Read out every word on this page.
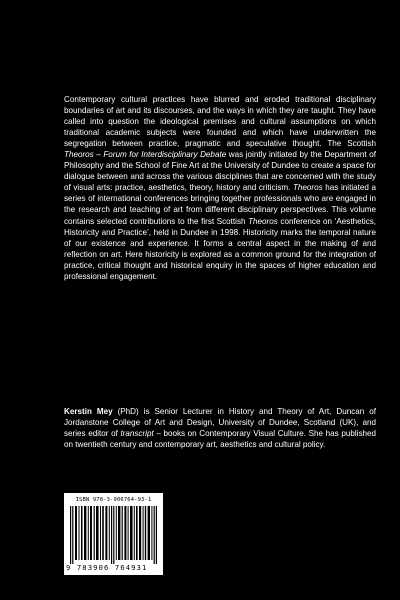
Contemporary cultural practices have blurred and eroded traditional disciplinary boundaries of art and its discourses, and the ways in which they are taught. They have called into question the ideological premises and cultural assumptions on which traditional academic subjects were founded and which have underwritten the segregation between practice, pragmatic and speculative thought. The Scottish Theoros – Forum for Interdisciplinary Debate was jointly initiated by the Department of Philosophy and the School of Fine Art at the University of Dundee to create a space for dialogue between and across the various disciplines that are concerned with the study of visual arts: practice, aesthetics, theory, history and criticism. Theoros has initiated a series of international conferences bringing together professionals who are engaged in the research and teaching of art from different disciplinary perspectives. This volume contains selected contributions to the first Scottish Theoros conference on ‘Aesthetics, Historicity and Practice’, held in Dundee in 1998. Historicity marks the temporal nature of our existence and experience. It forms a central aspect in the making of and reflection on art. Here historicity is explored as a common ground for the integration of practice, critical thought and historical enquiry in the spaces of higher education and professional engagement.

Kerstin Mey (PhD) is Senior Lecturer in History and Theory of Art, Duncan of Jordanstone College of Art and Design, University of Dundee, Scotland (UK), and series editor of transcript – books on Contemporary Visual Culture. She has published on twentieth century and contemporary art, aesthetics and cultural policy.

ISBN 978-3-906764-93-1
9 783906 764931
